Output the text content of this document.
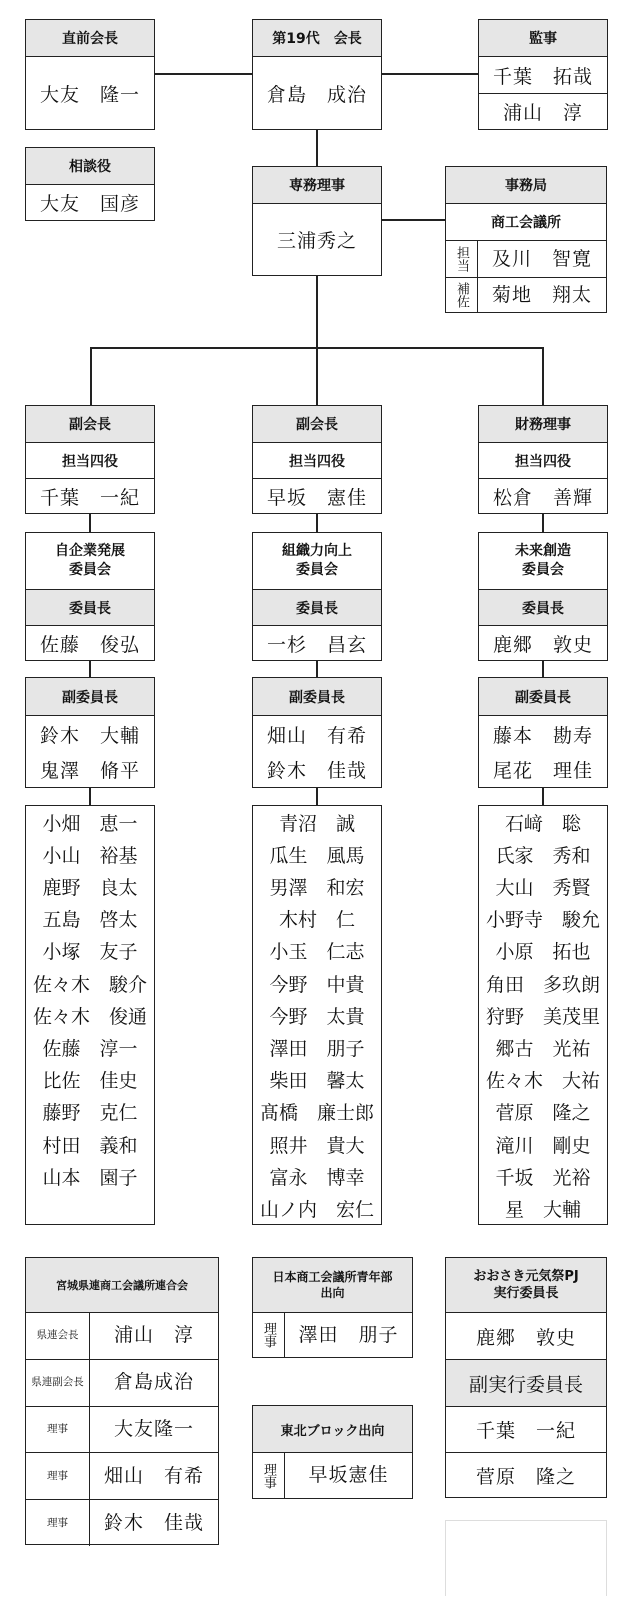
直前会長
大友　隆一
第19代　会長
倉島　成治
監事
千葉　拓哉
浦山　淳
相談役
大友　国彦
専務理事
三浦秀之
事務局
商工会議所
担当	及川　智寛
補佐	菊地　翔太
副会長
担当四役
千葉　一紀
自企業発展
委員会
委員長
佐藤　俊弘
副委員長
鈴木　大輔
鬼澤　脩平
小畑　恵一
小山　裕基
鹿野　良太
五島　啓太
小塚　友子
佐々木　駿介
佐々木　俊通
佐藤　淳一
比佐　佳史
藤野　克仁
村田　義和
山本　園子
副会長
担当四役
早坂　憲佳
組織力向上
委員会
委員長
一杉　昌玄
副委員長
畑山　有希
鈴木　佳哉
青沼　誠
瓜生　風馬
男澤　和宏
木村　仁
小玉　仁志
今野　中貴
今野　太貴
澤田　朋子
柴田　馨太
髙橋　廉士郎
照井　貴大
富永　博幸
山ノ内　宏仁
財務理事
担当四役
松倉　善輝
未来創造
委員会
委員長
鹿郷　敦史
副委員長
藤本　勘寿
尾花　理佳
石﨑　聡
氏家　秀和
大山　秀賢
小野寺　駿允
小原　拓也
角田　多玖朗
狩野　美茂里
郷古　光祐
佐々木　大祐
菅原　隆之
滝川　剛史
千坂　光裕
星　大輔
宮城県連商工会議所連合会
県連会長	浦山　淳
県連副会長	倉島成治
理事	大友隆一
理事	畑山　有希
理事	鈴木　佳哉
日本商工会議所青年部
出向
理事	澤田　朋子
東北ブロック出向
理事	早坂憲佳
おおさき元気祭PJ
実行委員長
鹿郷　敦史
副実行委員長
千葉　一紀
菅原　隆之
